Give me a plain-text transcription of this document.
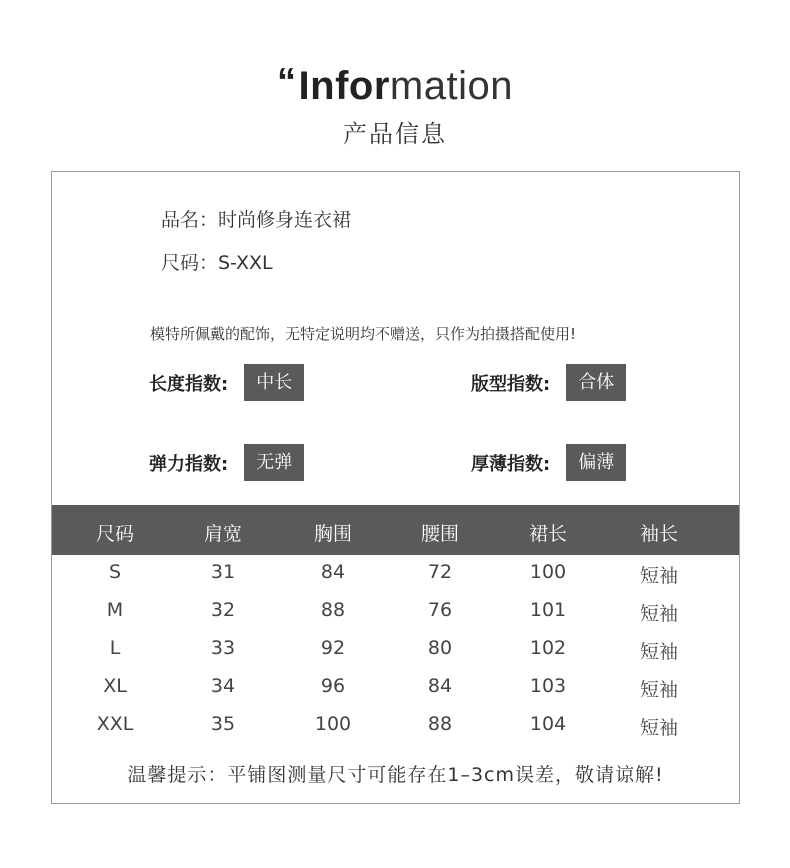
“Information
产品信息
品名：时尚修身连衣裙
尺码：S-XXL
模特所佩戴的配饰，无特定说明均不赠送，只作为拍摄搭配使用!
长度指数: 中长	版型指数: 合体
弹力指数: 无弹	厚薄指数: 偏薄
尺码	肩宽	胸围	腰围	裙长	袖长
S	31	84	72	100	短袖
M	32	88	76	101	短袖
L	33	92	80	102	短袖
XL	34	96	84	103	短袖
XXL	35	100	88	104	短袖
温馨提示：平铺图测量尺寸可能存在1–3cm误差，敬请谅解!
